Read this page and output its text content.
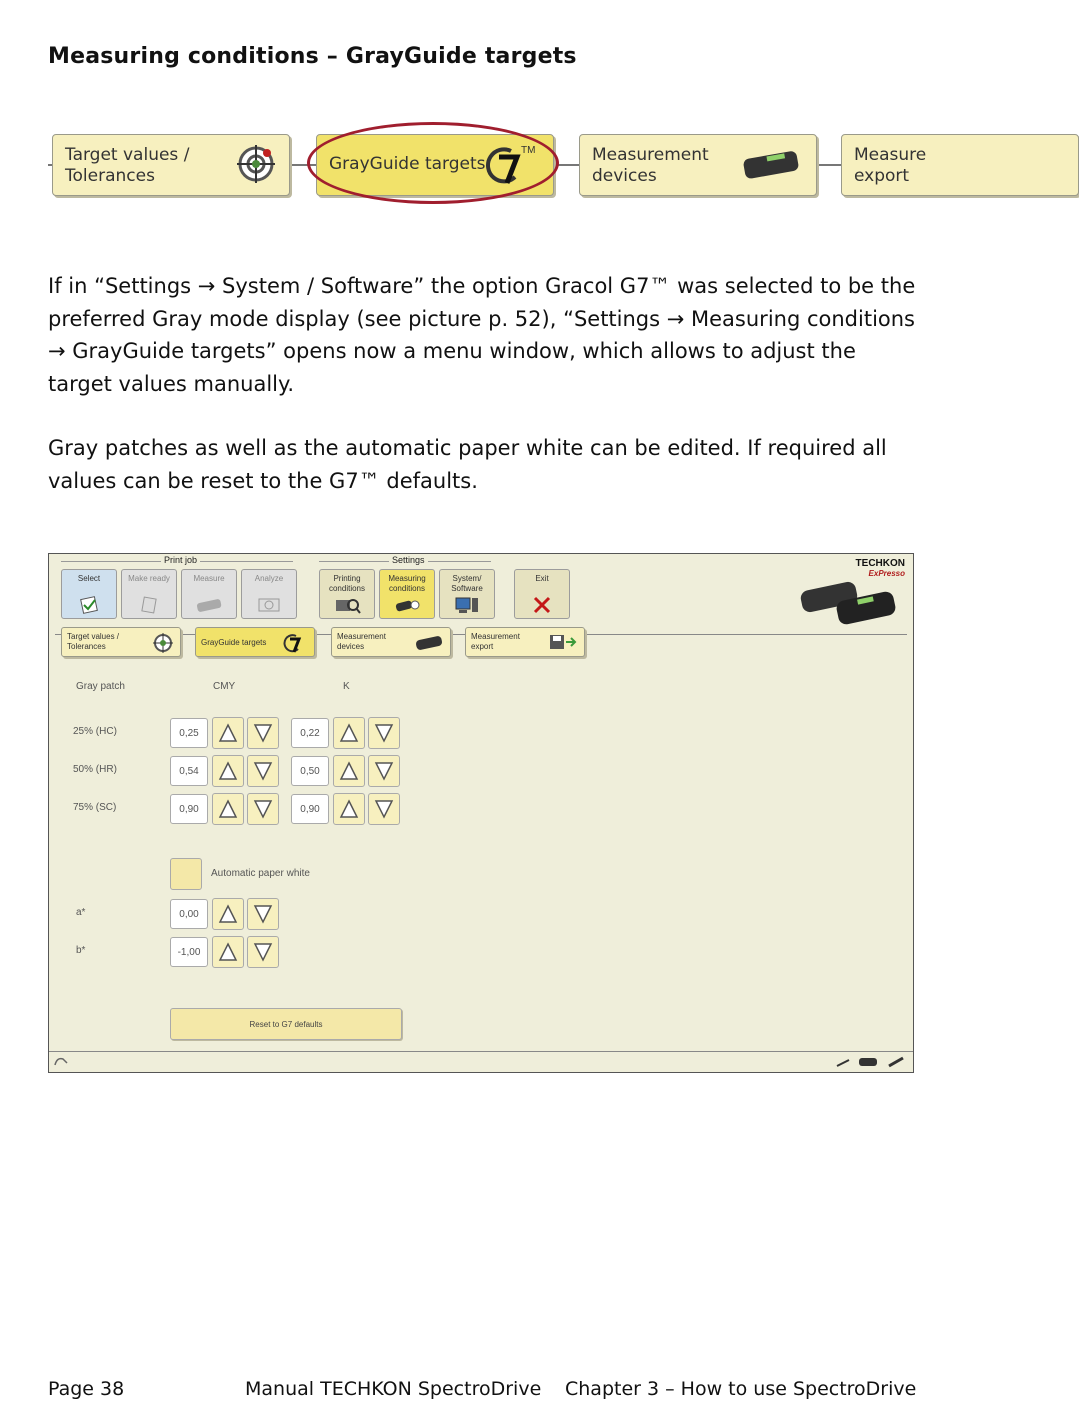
Measuring conditions – GrayGuide targets
Target values /
Tolerances
GrayGuide targets
TM	Measurement
devices
Measure
export
If in “Settings → System / Software” the option Gracol G7™ was selected to be the preferred Gray mode display (see picture p. 52), “Settings → Measuring conditions → GrayGuide targets” opens now a menu window, which allows to adjust the target values manually.
Gray patches as well as the automatic paper white can be edited. If required all values can be reset to the G7™ defaults.
Print job	Settings
Select	Make ready	Measure	Analyze	Printing
conditions
Measuring
conditions
System/
Software
Exit
TECHKON
ExPresso
Target values /
Tolerances	GrayGuide targets
Measurement
devices
Measurement
export
Gray patch	CMY	K
25% (HC)	0,25	0,22
50% (HR)	0,54	0,50
75% (SC)	0,90	0,90
Automatic paper white
a*	0,00
b*	-1,00
Reset to G7 defaults
Page 38	Manual TECHKON SpectroDrive Chapter 3 – How to use SpectroDrive
